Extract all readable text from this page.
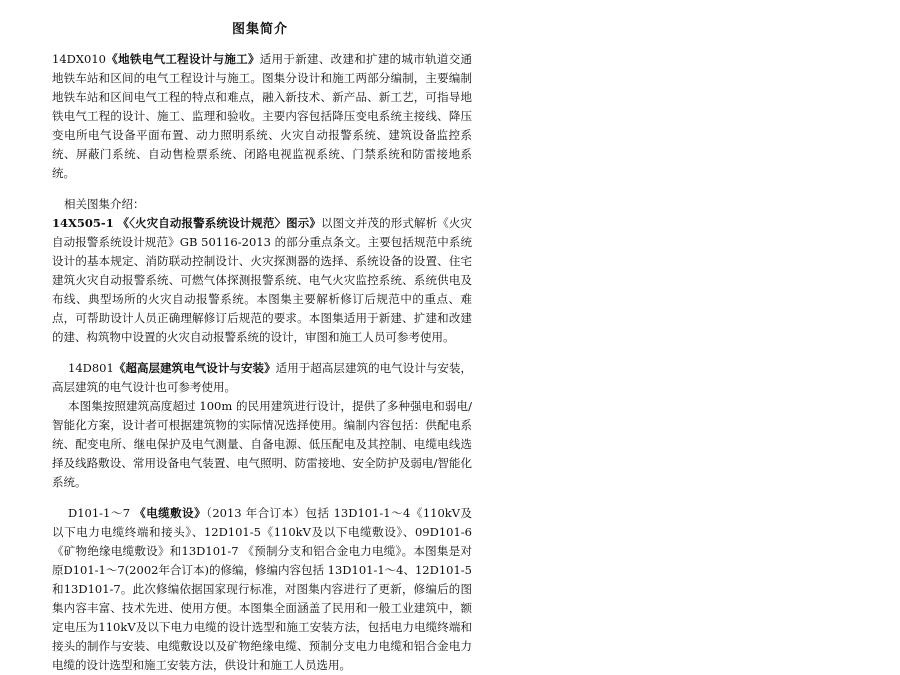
图集简介

14DX010《地铁电气工程设计与施工》适用于新建、改建和扩建的城市轨道交通地铁车站和区间的电气工程设计与施工。图集分设计和施工两部分编制，主要编制地铁车站和区间电气工程的特点和难点，融入新技术、新产品、新工艺，可指导地铁电气工程的设计、施工、监理和验收。主要内容包括降压变电系统主接线、降压变电所电气设备平面布置、动力照明系统、火灾自动报警系统、建筑设备监控系统、屏蔽门系统、自动售检票系统、闭路电视监视系统、门禁系统和防雷接地系统。

相关图集介绍：

14X505-1 《〈火灾自动报警系统设计规范〉图示》以图文并茂的形式解析《火灾自动报警系统设计规范》GB 50116-2013 的部分重点条文。主要包括规范中系统设计的基本规定、消防联动控制设计、火灾探测器的选择、系统设备的设置、住宅建筑火灾自动报警系统、可燃气体探测报警系统、电气火灾监控系统、系统供电及布线、典型场所的火灾自动报警系统。本图集主要解析修订后规范中的重点、难点，可帮助设计人员正确理解修订后规范的要求。本图集适用于新建、扩建和改建的建、构筑物中设置的火灾自动报警系统的设计，审图和施工人员可参考使用。

14D801《超高层建筑电气设计与安装》适用于超高层建筑的电气设计与安装，高层建筑的电气设计也可参考使用。

本图集按照建筑高度超过 100m 的民用建筑进行设计，提供了多种强电和弱电/智能化方案，设计者可根据建筑物的实际情况选择使用。编制内容包括：供配电系统、配变电所、继电保护及电气测量、自备电源、低压配电及其控制、电缆电线选择及线路敷设、常用设备电气装置、电气照明、防雷接地、安全防护及弱电/智能化系统。

D101-1～7 《电缆敷设》（2013 年合订本）包括 13D101-1～4《110kV及以下电力电缆终端和接头》、12D101-5《110kV及以下电缆敷设》、09D101-6《矿物绝缘电缆敷设》和13D101-7 《预制分支和铝合金电力电缆》。本图集是对原D101-1～7(2002年合订本)的修编，修编内容包括 13D101-1～4、12D101-5和13D101-7。此次修编依据国家现行标准，对图集内容进行了更新，修编后的图集内容丰富、技术先进、使用方便。本图集全面涵盖了民用和一般工业建筑中，额定电压为110kV及以下电力电缆的设计选型和施工安装方法，包括电力电缆终端和接头的制作与安装、电缆敷设以及矿物绝缘电缆、预制分支电力电缆和铝合金电力电缆的设计选型和施工安装方法，供设计和施工人员选用。
